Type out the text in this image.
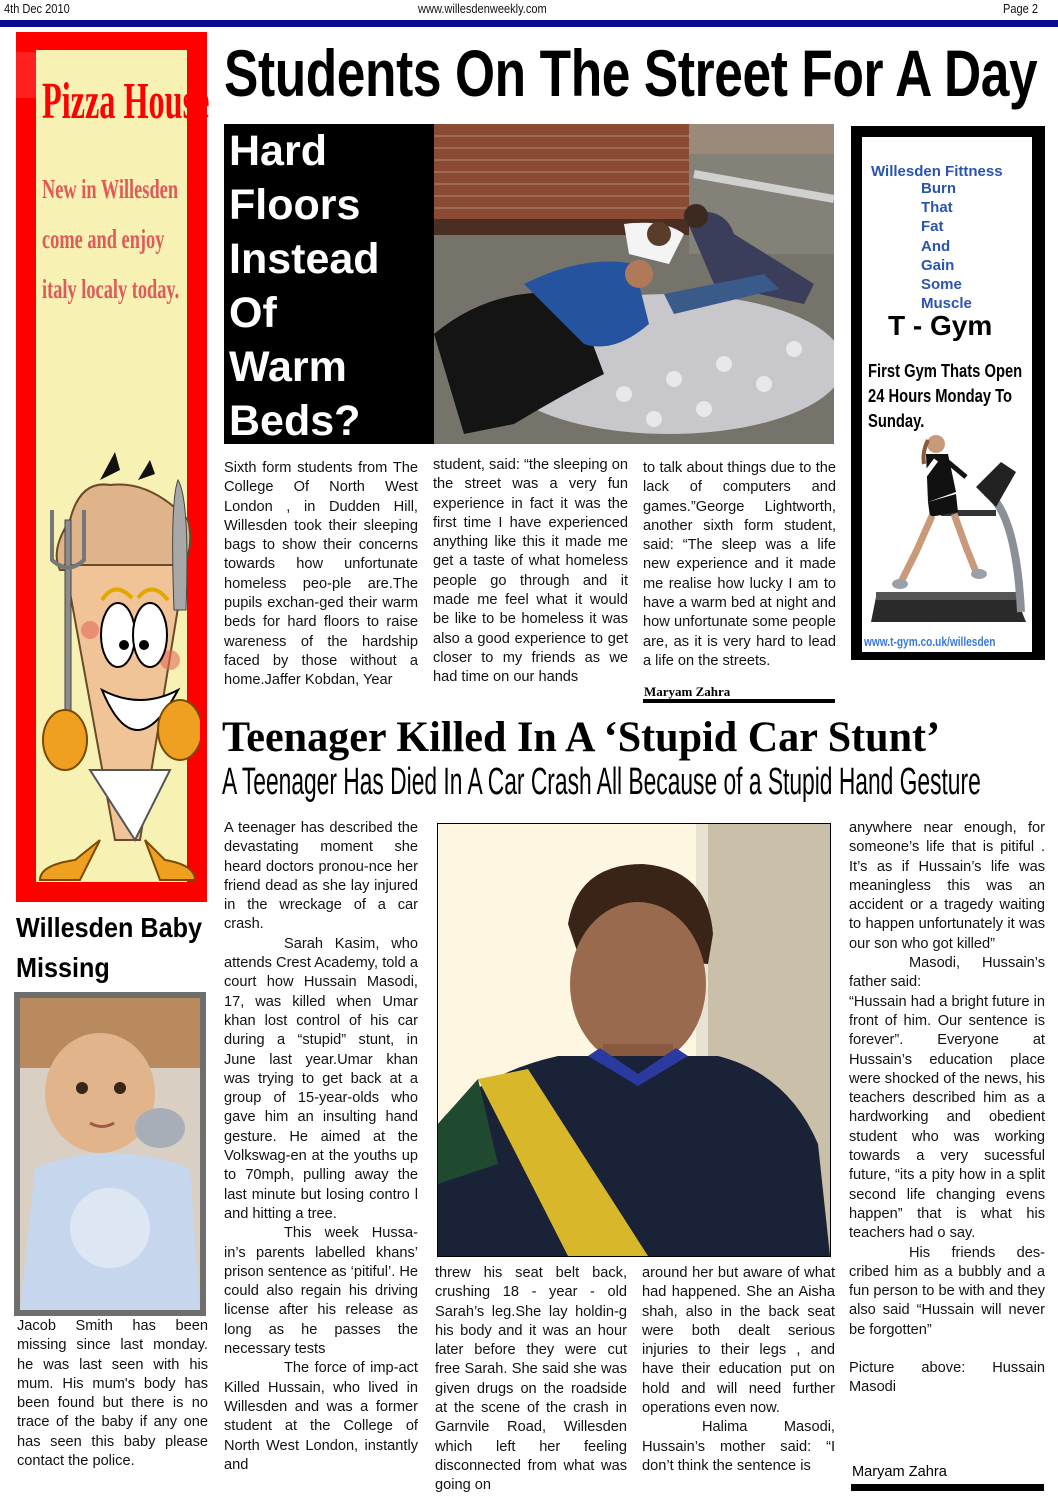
4th Dec 2010	www.willesdenweekly.com	Page 2
Pizza House
New in Willesden
come and enjoy
italy localy today.
Students On The Street For A Day
Hard
Floors
Instead
Of
Warm
Beds?
Sixth form students from The College Of North West London , in Dudden Hill, Willesden took their sleeping bags to show their concerns towards how unfortunate homeless peo-ple are.The pupils exchan-ged their warm beds for hard floors to raise wareness of the hardship faced by those without a home.Jaffer Kobdan, Year
student, said: “the sleeping on the street was a very fun experience in fact it was the first time I have experienced anything like this it made me get a taste of what homeless people go through and it made me feel what it would be like to be homeless it was also a good experience to get closer to my friends as we had time on our hands
to talk about things due to the lack of computers and games.”George Lightworth, another sixth form student, said: “The sleep was a life new experience and it made me realise how lucky I am to have a warm bed at night and how unfortunate some people are, as it is very hard to lead a life on the streets.
Maryam Zahra
Willesden Fittness
Burn
That
Fat
And
Gain
Some
Muscle
T - Gym
First Gym Thats Open
24 Hours Monday To
Sunday.
www.t-gym.co.uk/willesden
Teenager Killed In A ‘Stupid Car Stunt’
A Teenager Has Died In A Car Crash All Because of a Stupid Hand Gesture

A teenager has described the devastating moment she heard doctors pronou-nce her friend dead as she lay injured in the wreckage of a car crash.

Sarah Kasim, who attends Crest Academy, told a court how Hussain Masodi, 17, was killed when Umar khan lost control of his car during a “stupid” stunt, in June last year.Umar khan was trying to get back at a group of 15-year-olds who gave him an insulting hand gesture. He aimed at the Volkswag-en at the youths up to 70mph, pulling away the last minute but losing contro l and hitting a tree.

This week Hussa-in’s parents labelled khans’ prison sentence as ‘pitiful’. He could also regain his driving license after his release as long as he passes the necessary tests

The force of imp-act Killed Hussain, who lived in Willesden and was a former student at the College of North West London, instantly and

threw his seat belt back, crushing 18 - year - old Sarah’s leg.She lay holdin-g his body and it was an hour later before they were cut free Sarah. She said she was given drugs on the roadside at the scene of the crash in Garnvile Road, Willesden which left her feeling disconnected from what was going on

around her but aware of what had happened. She an Aisha shah, also in the back seat were both dealt serious injuries to their legs , and have their education put on hold and will need further operations even now.

Halima Masodi, Hussain’s mother said: “I don’t think the sentence is

anywhere near enough, for someone’s life that is pitiful . It’s as if Hussain’s life was meaningless this was an accident or a tragedy waiting to happen unfortunately it was our son who got killed”

Masodi, Hussain’s father said:

“Hussain had a bright future in front of him. Our sentence is forever”. Everyone at Hussain’s education place were shocked of the news, his teachers described him as a hardworking and obedient student who was working towards a very sucessful future, “its a pity how in a split second life changing evens happen” that is what his teachers had o say.

His friends des-cribed him as a bubbly and a fun person to be with and they also said “Hussain will never be forgotten”

Picture above: Hussain Masodi

Maryam Zahra
Willesden Baby
Missing
Jacob Smith has been missing since last monday. he was last seen with his mum. His mum's body has been found but there is no trace of the baby if any one has seen this baby please contact the police.
